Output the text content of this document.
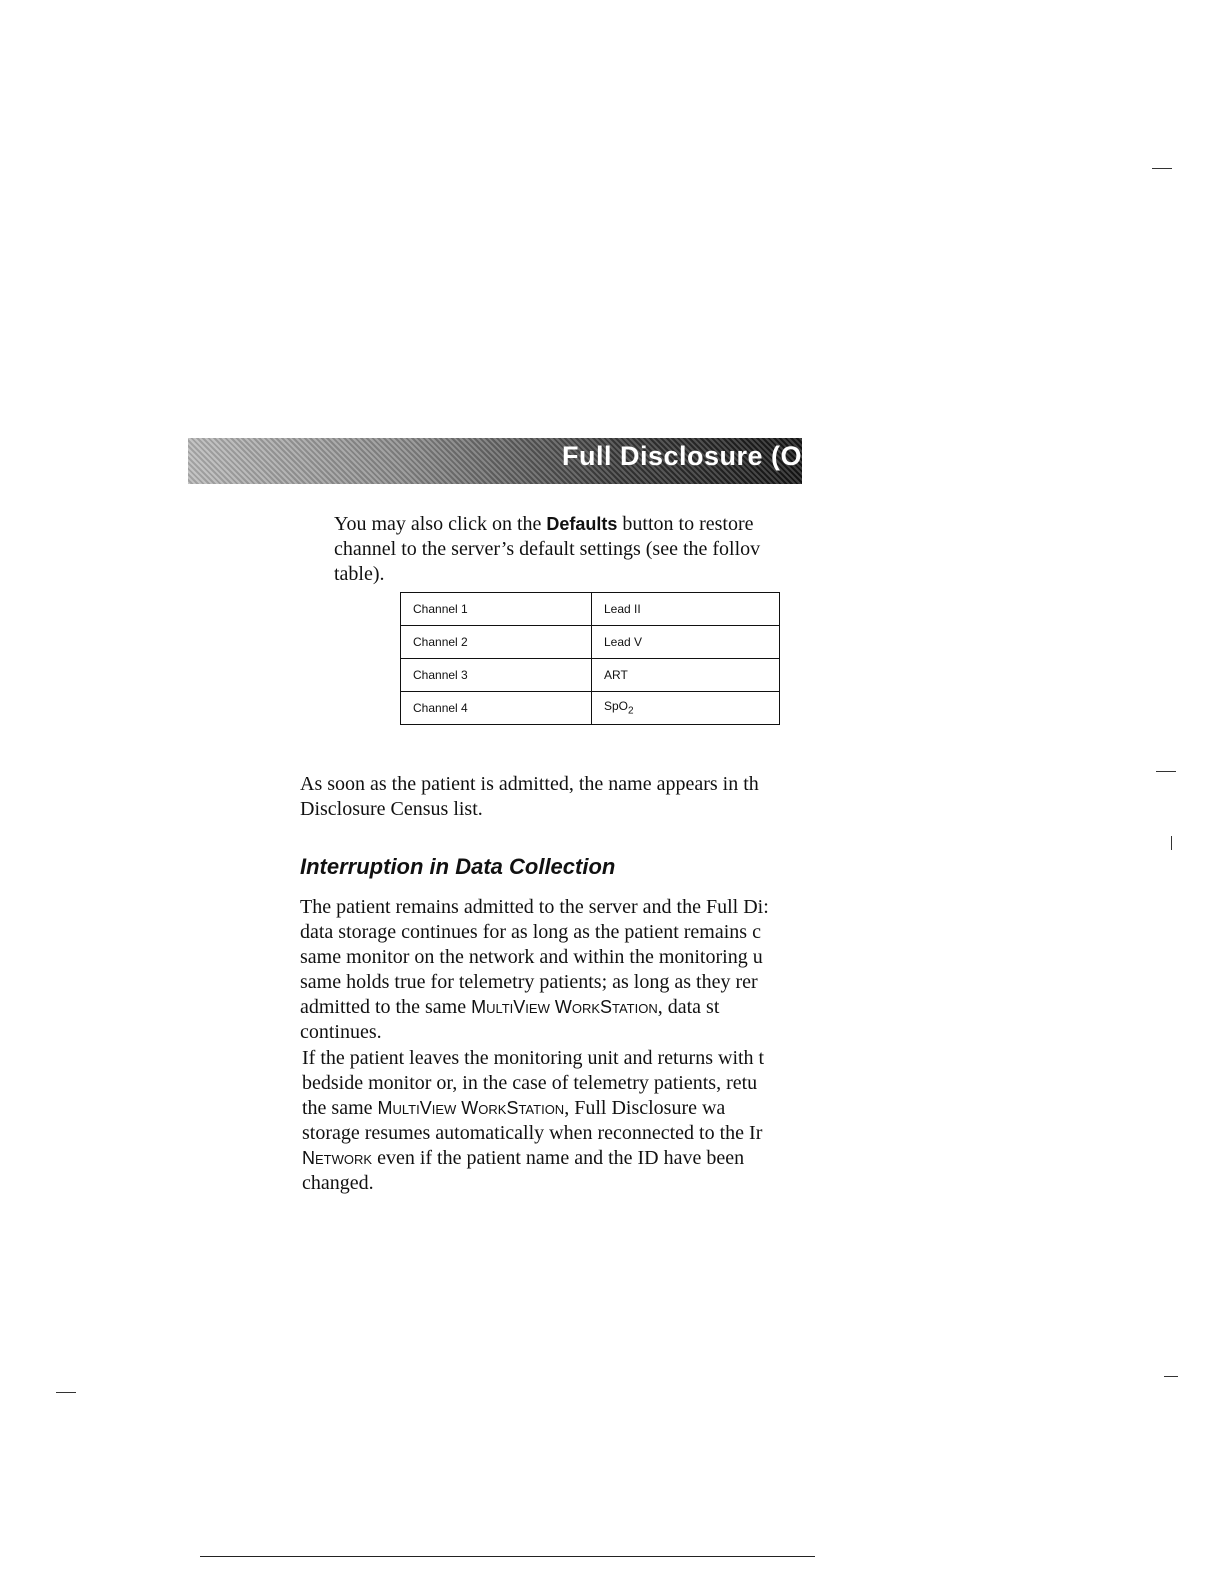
Full Disclosure (O
You may also click on the Defaults button to restore
channel to the server’s default settings (see the follov
table).
Channel 1	Lead II
Channel 2	Lead V
Channel 3	ART
Channel 4	SpO$_2$
As soon as the patient is admitted, the name appears in th
Disclosure Census list.
Interruption in Data Collection
The patient remains admitted to the server and the Full Di:
data storage continues for as long as the patient remains c
same monitor on the network and within the monitoring u
same holds true for telemetry patients; as long as they rer
admitted to the same MultiView WorkStation, data st
continues.
If the patient leaves the monitoring unit and returns with t
bedside monitor or, in the case of telemetry patients, retu
the same MultiView WorkStation, Full Disclosure wa
storage resumes automatically when reconnected to the Ir
Network even if the patient name and the ID have been
changed.
